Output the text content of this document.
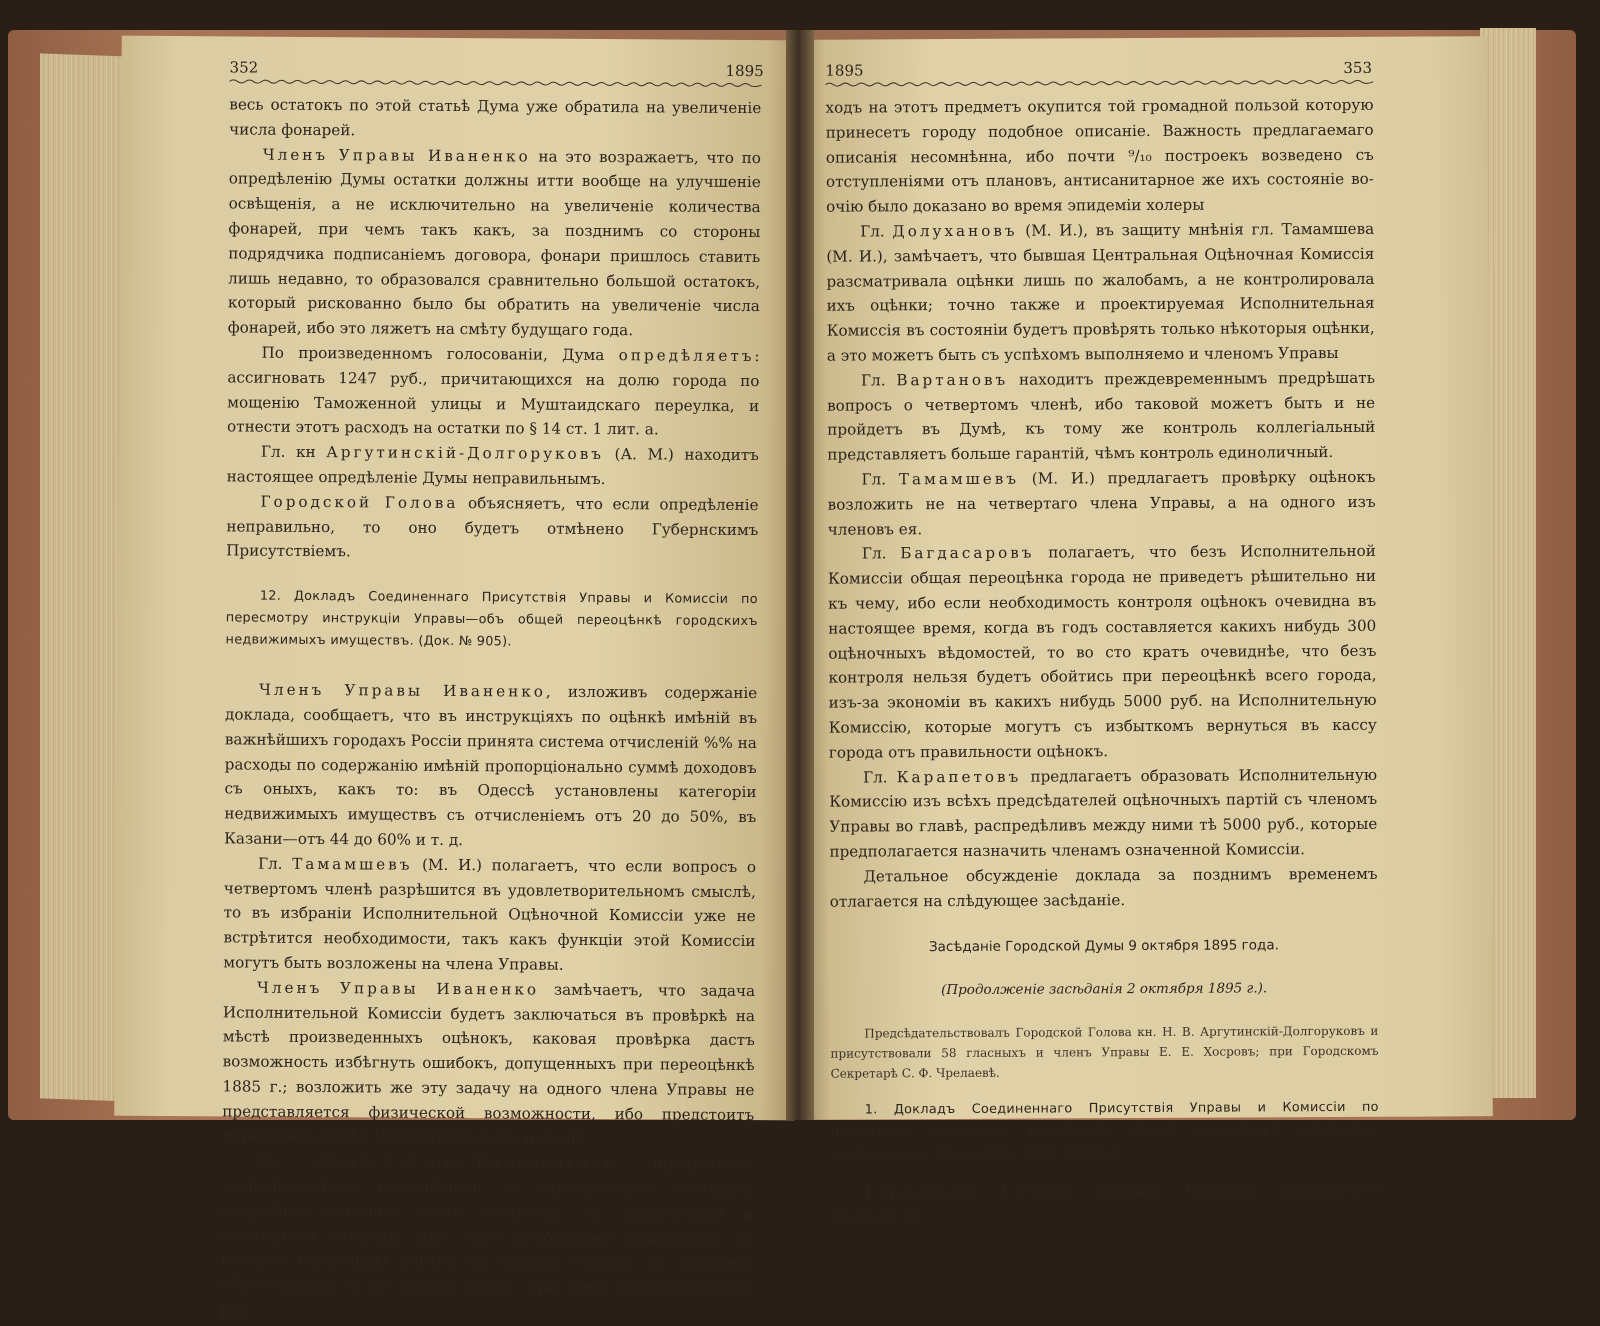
352	1895

весь остатокъ по этой статьѣ Дума уже обратила на увеличеніе числа фонарей.

Членъ Управы Иваненко на это возражаетъ, что по опредѣленію Думы остатки должны итти вообще на улучшеніе освѣщенія, а не исключительно на увеличеніе количества фонарей, при чемъ такъ какъ, за позднимъ со стороны подрядчика подписаніемъ договора, фонари пришлось ставить лишь недавно, то образовался сравнительно большой остатокъ, который рискованно было бы обратить на увеличеніе числа фонарей, ибо это ляжетъ на смѣту будущаго года.

По произведенномъ голосованіи, Дума опредѣляетъ: ассигновать 1247 руб., причитающихся на долю города по мощенію Таможенной улицы и Муштаидскаго переулка, и отнести этотъ расходъ на остатки по § 14 ст. 1 лит. а.

Гл. кн Аргутинскій-Долгоруковъ (А. М.) находитъ настоящее опредѣленіе Думы неправильнымъ.

Городской Голова объясняетъ, что если опредѣленіе неправильно, то оно будетъ отмѣнено Губернскимъ Присутствіемъ.

12. Докладъ Соединеннаго Присутствія Управы и Комиссіи по пересмотру инструкціи Управы—объ общей переоцѣнкѣ городскихъ недвижимыхъ имуществъ. (Док. № 905).

Членъ Управы Иваненко, изложивъ содержаніе доклада, сообщаетъ, что въ инструкціяхъ по оцѣнкѣ имѣній въ важнѣйшихъ городахъ Россіи принята система отчисленій %% на расходы по содержанію имѣній пропорціонально суммѣ доходовъ съ оныхъ, какъ то: въ Одессѣ установлены категоріи недвижимыхъ имуществъ съ отчисленіемъ отъ 20 до 50%, въ Казани—отъ 44 до 60% и т. д.

Гл. Тамамшевъ (М. И.) полагаетъ, что если вопросъ о четвертомъ членѣ разрѣшится въ удовлетворительномъ смыслѣ, то въ избраніи Исполнительной Оцѣночной Комиссіи уже не встрѣтится необходимости, такъ какъ функціи этой Комиссіи могутъ быть возложены на члена Управы.

Членъ Управы Иваненко замѣчаетъ, что задача Исполнительной Комиссіи будетъ заключаться въ провѣркѣ на мѣстѣ произведенныхъ оцѣнокъ, каковая провѣрка дастъ возможность избѣгнуть ошибокъ, допущенныхъ при переоцѣнкѣ 1885 г.; возложить же эту задачу на одного члена Управы не представляется физической возможности, ибо предстоитъ переоцѣнка болѣе 12000 отдѣльныхъ имѣній.

Гл. Шахъ-Азизовъ-Камсараканъ предлагаетъ воспользоваться переоцѣнкой и одновременно составить подробное описаніе всѣхъ построекъ съ технической и санитарной сторонъ, для чего необходимо пригласить въ каждую оцѣночную партію по одному технику съ высшимъ образованіемъ и по одному врачу, при чемъ дополнительный рас-

1895	353

ходъ на этотъ предметъ окупится той громадной пользой которую принесетъ городу подобное описаніе. Важность предлагаемаго описанія несомнѣнна, ибо почти ⁹/₁₀ построекъ возведено съ отступленіями отъ плановъ, антисанитарное же ихъ состояніе во-очію было доказано во время эпидеміи холеры

Гл. Долухановъ (М. И.), въ защиту мнѣнія гл. Тамамшева (М. И.), замѣчаетъ, что бывшая Центральная Оцѣночная Комиссія разсматривала оцѣнки лишь по жалобамъ, а не контролировала ихъ оцѣнки; точно также и проектируемая Исполнительная Комиссія въ состояніи будетъ провѣрять только нѣкоторыя оцѣнки, а это можетъ быть съ успѣхомъ выполняемо и членомъ Управы

Гл. Вартановъ находитъ преждевременнымъ предрѣшать вопросъ о четвертомъ членѣ, ибо таковой можетъ быть и не пройдетъ въ Думѣ, къ тому же контроль коллегіальный представляетъ больше гарантій, чѣмъ контроль единоличный.

Гл. Тамамшевъ (М. И.) предлагаетъ провѣрку оцѣнокъ возложить не на четвертаго члена Управы, а на одного изъ членовъ ея.

Гл. Багдасаровъ полагаетъ, что безъ Исполнительной Комиссіи общая переоцѣнка города не приведетъ рѣшительно ни къ чему, ибо если необходимость контроля оцѣнокъ очевидна въ настоящее время, когда въ годъ составляется какихъ нибудь 300 оцѣночныхъ вѣдомостей, то во сто кратъ очевиднѣе, что безъ контроля нельзя будетъ обойтись при переоцѣнкѣ всего города, изъ-за экономіи въ какихъ нибудь 5000 руб. на Исполнительную Комиссію, которые могутъ съ избыткомъ вернуться въ кассу города отъ правильности оцѣнокъ.

Гл. Карапетовъ предлагаетъ образовать Исполнительную Комиссію изъ всѣхъ предсѣдателей оцѣночныхъ партій съ членомъ Управы во главѣ, распредѣливъ между ними тѣ 5000 руб., которые предполагается назначить членамъ означенной Комиссіи.

Детальное обсужденіе доклада за позднимъ временемъ отлагается на слѣдующее засѣданіе.

Засѣданіе Городской Думы 9 октября 1895 года.

(Продолженіе засѣданія 2 октября 1895 г.).

Предсѣдательствовалъ Городской Голова кн. Н. В. Аргутинскій-Долгоруковъ и присутствовали 58 гласныхъ и членъ Управы Е. Е. Хосровъ; при Городскомъ Секретарѣ С. Ф. Чрелаевѣ.

1. Докладъ Соединеннаго Присутствія Управы и Комиссіи по пересмотру инструкціи Управѣ—объ общей переоцѣнкѣ городскихъ недвижимыхъ имуществъ. (Док. № 905.).

Городской Голова проситъ Собраніе высказаться сначала по
